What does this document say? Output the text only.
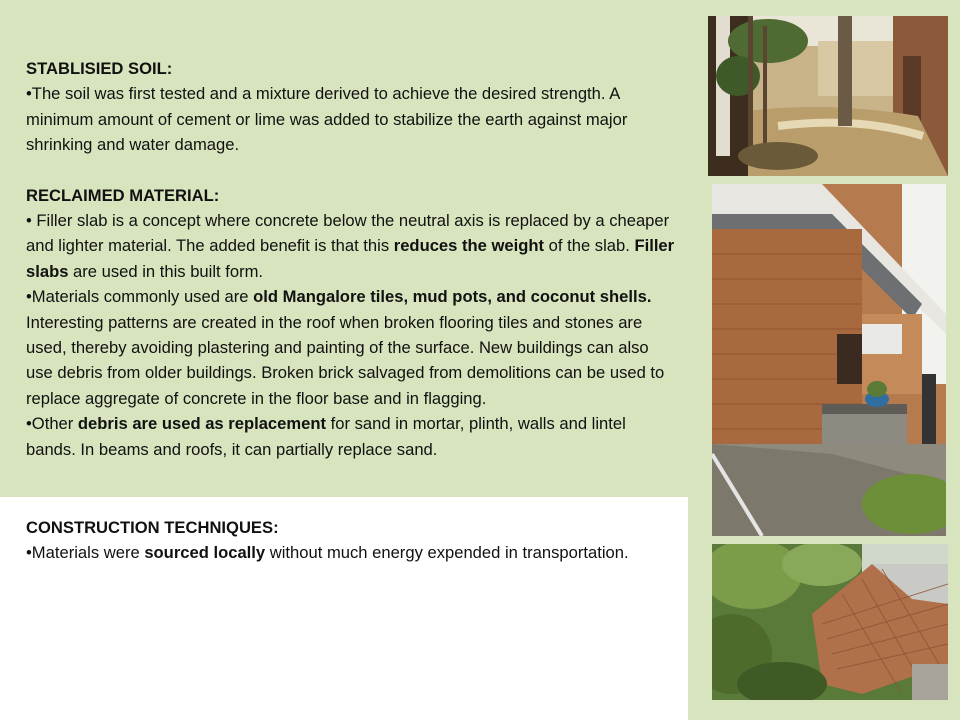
STABLISIED SOIL:

•The soil was first tested and a mixture derived to achieve the desired strength. A minimum amount of cement or lime was added to stabilize the earth against major shrinking and water damage.

RECLAIMED MATERIAL:

• Filler slab is a concept where concrete below the neutral axis is replaced by a cheaper and lighter material. The added benefit is that this reduces the weight of the slab. Filler slabs are used in this built form.

•Materials commonly used are old Mangalore tiles, mud pots, and coconut shells. Interesting patterns are created in the roof when broken flooring tiles and stones are used, thereby avoiding plastering and painting of the surface. New buildings can also use debris from older buildings. Broken brick salvaged from demolitions can be used to replace aggregate of concrete in the floor base and in flagging.

•Other debris are used as replacement for sand in mortar, plinth, walls and lintel bands. In beams and roofs, it can partially replace sand.

CONSTRUCTION TECHNIQUES:

•Materials were sourced locally without much energy expended in transportation.
